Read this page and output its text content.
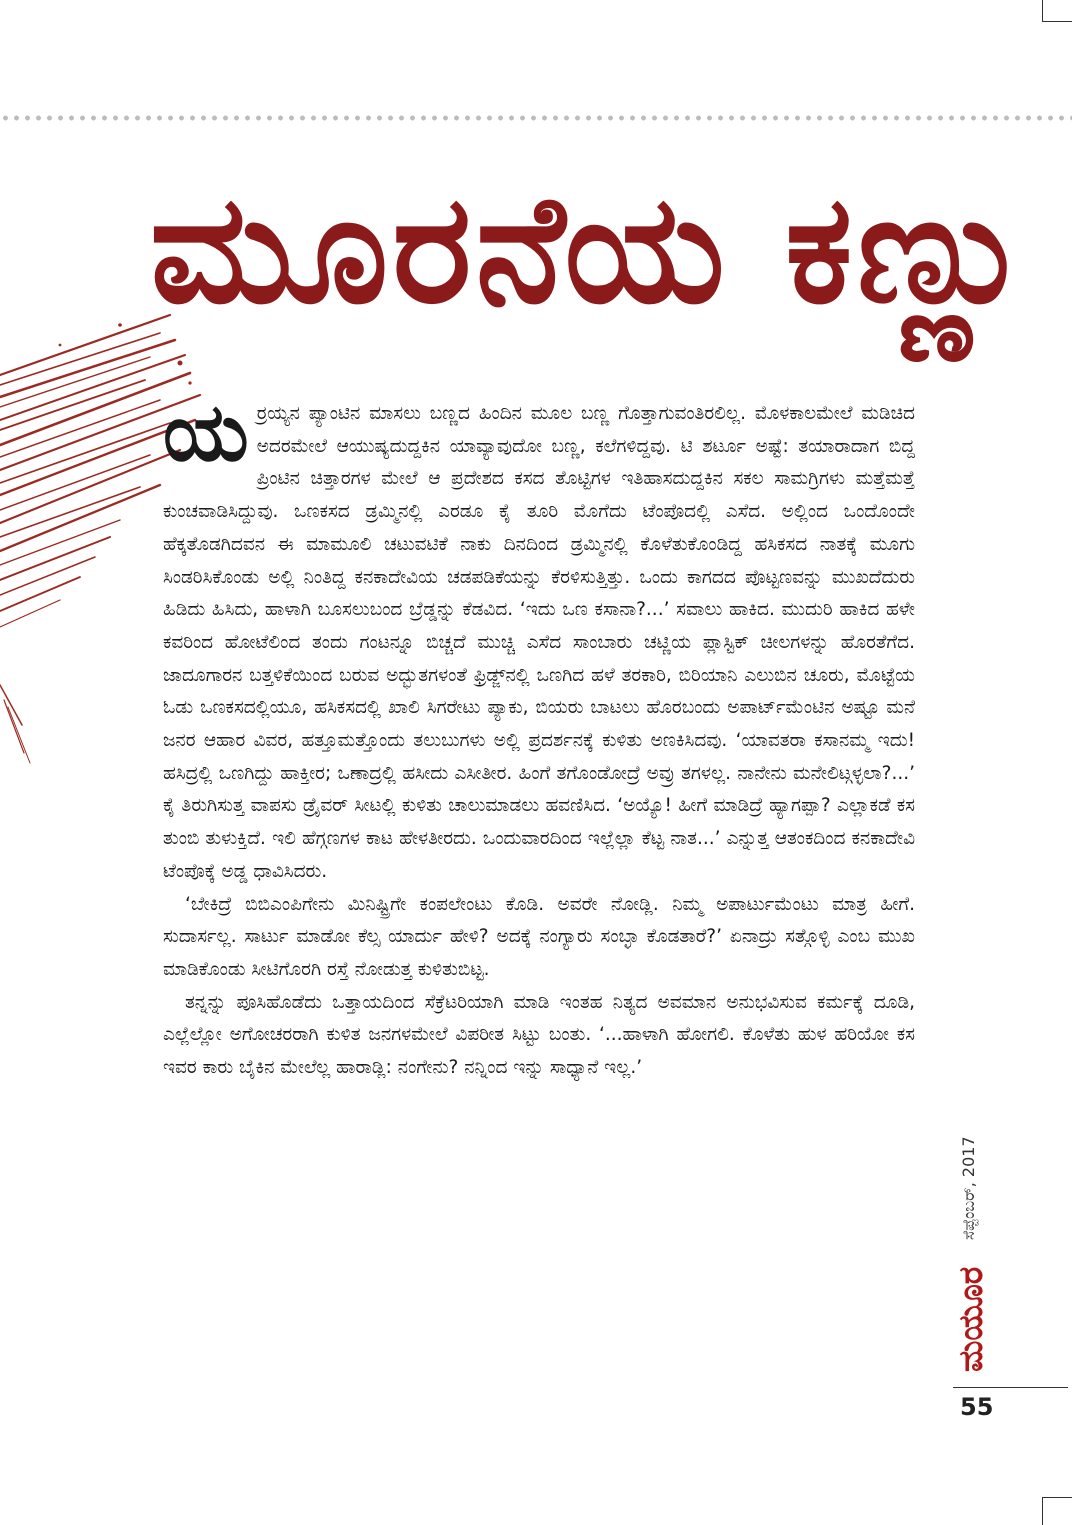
ಮೂರನೆಯ ಕಣ್ಣು

ಯರ್ರಯ್ಯನ ಪ್ಯಾಂಟಿನ ಮಾಸಲು ಬಣ್ಣದ ಹಿಂದಿನ ಮೂಲ ಬಣ್ಣ ಗೊತ್ತಾಗುವಂತಿರಲಿಲ್ಲ. ಮೊಳಕಾಲಮೇಲೆ ಮಡಿಚಿದ ಅದರಮೇಲೆ ಆಯುಷ್ಯದುದ್ದಕಿನ ಯಾವ್ಯಾವುದೋ ಬಣ್ಣ, ಕಲೆಗಳಿದ್ದವು. ಟಿ ಶರ್ಟೂ ಅಷ್ಟೆ: ತಯಾರಾದಾಗ ಬಿದ್ದ ಪ್ರಿಂಟಿನ ಚಿತ್ತಾರಗಳ ಮೇಲೆ ಆ ಪ್ರದೇಶದ ಕಸದ ತೊಟ್ಟಿಗಳ ಇತಿಹಾಸದುದ್ದಕಿನ ಸಕಲ ಸಾಮಗ್ರಿಗಳು ಮತ್ತೆಮತ್ತೆ ಕುಂಚವಾಡಿಸಿದ್ದುವು. ಒಣಕಸದ ಡ್ರಮ್ಮಿನಲ್ಲಿ ಎರಡೂ ಕೈ ತೂರಿ ಮೊಗೆದು ಟೆಂಪೊದಲ್ಲಿ ಎಸೆದ. ಅಲ್ಲಿಂದ ಒಂದೊಂದೇ ಹೆಕ್ಕತೊಡಗಿದವನ ಈ ಮಾಮೂಲಿ ಚಟುವಟಿಕೆ ನಾಕು ದಿನದಿಂದ ಡ್ರಮ್ಮಿನಲ್ಲಿ ಕೊಳೆತುಕೊಂಡಿದ್ದ ಹಸಿಕಸದ ನಾತಕ್ಕೆ ಮೂಗು ಸಿಂಡರಿಸಿಕೊಂಡು ಅಲ್ಲಿ ನಿಂತಿದ್ದ ಕನಕಾದೇವಿಯ ಚಡಪಡಿಕೆಯನ್ನು ಕೆರಳಿಸುತ್ತಿತ್ತು. ಒಂದು ಕಾಗದದ ಪೊಟ್ಟಣವನ್ನು ಮುಖದೆದುರು ಹಿಡಿದು ಹಿಸಿದು, ಹಾಳಾಗಿ ಬೂಸಲುಬಂದ ಬ್ರೆಡ್ಡನ್ನು ಕೆಡವಿದ. ‘ಇದು ಒಣ ಕಸಾನಾ?...’ ಸವಾಲು ಹಾಕಿದ. ಮುದುರಿ ಹಾಕಿದ ಹಳೇ ಕವರಿಂದ ಹೋಟೆಲಿಂದ ತಂದು ಗಂಟನ್ನೂ ಬಿಚ್ಚದೆ ಮುಚ್ಚಿ ಎಸೆದ ಸಾಂಬಾರು ಚಟ್ಣಿಯ ಪ್ಲಾಸ್ಟಿಕ್ ಚೀಲಗಳನ್ನು ಹೊರತೆಗೆದ. ಜಾದೂಗಾರನ ಬತ್ತಳಿಕೆಯಿಂದ ಬರುವ ಅದ್ಭುತಗಳಂತೆ ಫ್ರಿಡ್ಜ್‌ನಲ್ಲಿ ಒಣಗಿದ ಹಳೆ ತರಕಾರಿ, ಬಿರಿಯಾನಿ ಎಲುಬಿನ ಚೂರು, ಮೊಟ್ಟೆಯ ಓಡು ಒಣಕಸದಲ್ಲಿಯೂ, ಹಸಿಕಸದಲ್ಲಿ ಖಾಲಿ ಸಿಗರೇಟು ಪ್ಯಾಕು, ಬಿಯರು ಬಾಟಲು ಹೊರಬಂದು ಅಪಾರ್ಟ್‌ಮೆಂಟಿನ ಅಷ್ಟೂ ಮನೆ ಜನರ ಆಹಾರ ವಿವರ, ಹತ್ತೂಮತ್ತೊಂದು ತಲುಬುಗಳು ಅಲ್ಲಿ ಪ್ರದರ್ಶನಕ್ಕೆ ಕುಳಿತು ಅಣಕಿಸಿದವು. ‘ಯಾವತರಾ ಕಸಾನಮ್ಮ ಇದು! ಹಸಿದ್ರಲ್ಲಿ ಒಣಗಿದ್ದು ಹಾಕ್ತೀರ; ಒಣಾದ್ರಲ್ಲಿ ಹಸೀದು ಎಸೀತೀರ. ಹಿಂಗೆ ತಗೊಂಡೋದ್ರೆ ಅವ್ರು ತಗಳಲ್ಲ. ನಾನೇನು ಮನೇಲಿಟ್ಗಳ್ಳಲಾ?...’ ಕೈ ತಿರುಗಿಸುತ್ತ ವಾಪಸು ಡ್ರೈವರ್ ಸೀಟಲ್ಲಿ ಕುಳಿತು ಚಾಲುಮಾಡಲು ಹವಣಿಸಿದ. ‘ಅಯ್ಯೊ! ಹೀಗೆ ಮಾಡಿದ್ರೆ ಹ್ಯಾಗಪ್ಪಾ? ಎಲ್ಲಾಕಡೆ ಕಸ ತುಂಬಿ ತುಳುಕ್ತಿದೆ. ಇಲಿ ಹೆಗ್ಗಣಗಳ ಕಾಟ ಹೇಳತೀರದು. ಒಂದುವಾರದಿಂದ ಇಲ್ಲೆಲ್ಲಾ ಕೆಟ್ಟ ನಾತ...’ ಎನ್ನುತ್ತ ಆತಂಕದಿಂದ ಕನಕಾದೇವಿ ಟೆಂಪೊಕ್ಕೆ ಅಡ್ಡ ಧಾವಿಸಿದರು.

‘ಬೇಕಿದ್ರೆ ಬಿಬಿಎಂಪಿಗೇನು ಮಿನಿಷ್ಟ್ರಿಗೇ ಕಂಪಲೇಂಟು ಕೊಡಿ. ಅವರೇ ನೋಡ್ಲಿ. ನಿಮ್ಮ ಅಪಾರ್ಟುಮೆಂಟು ಮಾತ್ರ ಹೀಗೆ. ಸುದಾರ್ಸಲ್ಲ. ಸಾರ್ಟು ಮಾಡೋ ಕೆಲ್ಸ ಯಾರ್ದು ಹೇಳಿ? ಅದಕ್ಕೆ ನಂಗ್ಯಾರು ಸಂಬ್ಳಾ ಕೊಡತಾರೆ?’ ಏನಾದ್ರು ಸತ್ಗೊಳ್ಳಿ ಎಂಬ ಮುಖ ಮಾಡಿಕೊಂಡು ಸೀಟಿಗೊರಗಿ ರಸ್ತೆ ನೋಡುತ್ತ ಕುಳಿತುಬಿಟ್ಟ.

ತನ್ನನ್ನು ಪೂಸಿಹೊಡೆದು ಒತ್ತಾಯದಿಂದ ಸೆಕ್ರೆಟರಿಯಾಗಿ ಮಾಡಿ ಇಂತಹ ನಿತ್ಯದ ಅವಮಾನ ಅನುಭವಿಸುವ ಕರ್ಮಕ್ಕೆ ದೂಡಿ, ಎಲ್ಲೆಲ್ಲೋ ಅಗೋಚರರಾಗಿ ಕುಳಿತ ಜನಗಳಮೇಲೆ ವಿಪರೀತ ಸಿಟ್ಟು ಬಂತು. ‘...ಹಾಳಾಗಿ ಹೋಗಲಿ. ಕೊಳೆತು ಹುಳ ಹರಿಯೋ ಕಸ ಇವರ ಕಾರು ಬೈಕಿನ ಮೇಲೆಲ್ಲ ಹಾರಾಡ್ಲಿ: ನಂಗೇನು? ನನ್ನಿಂದ ಇನ್ನು ಸಾಧ್ಯಾನೆ ಇಲ್ಲ.’

ಸೆಪ್ಟೆಂಬರ್, 2017
ಮಯೂರ
55
